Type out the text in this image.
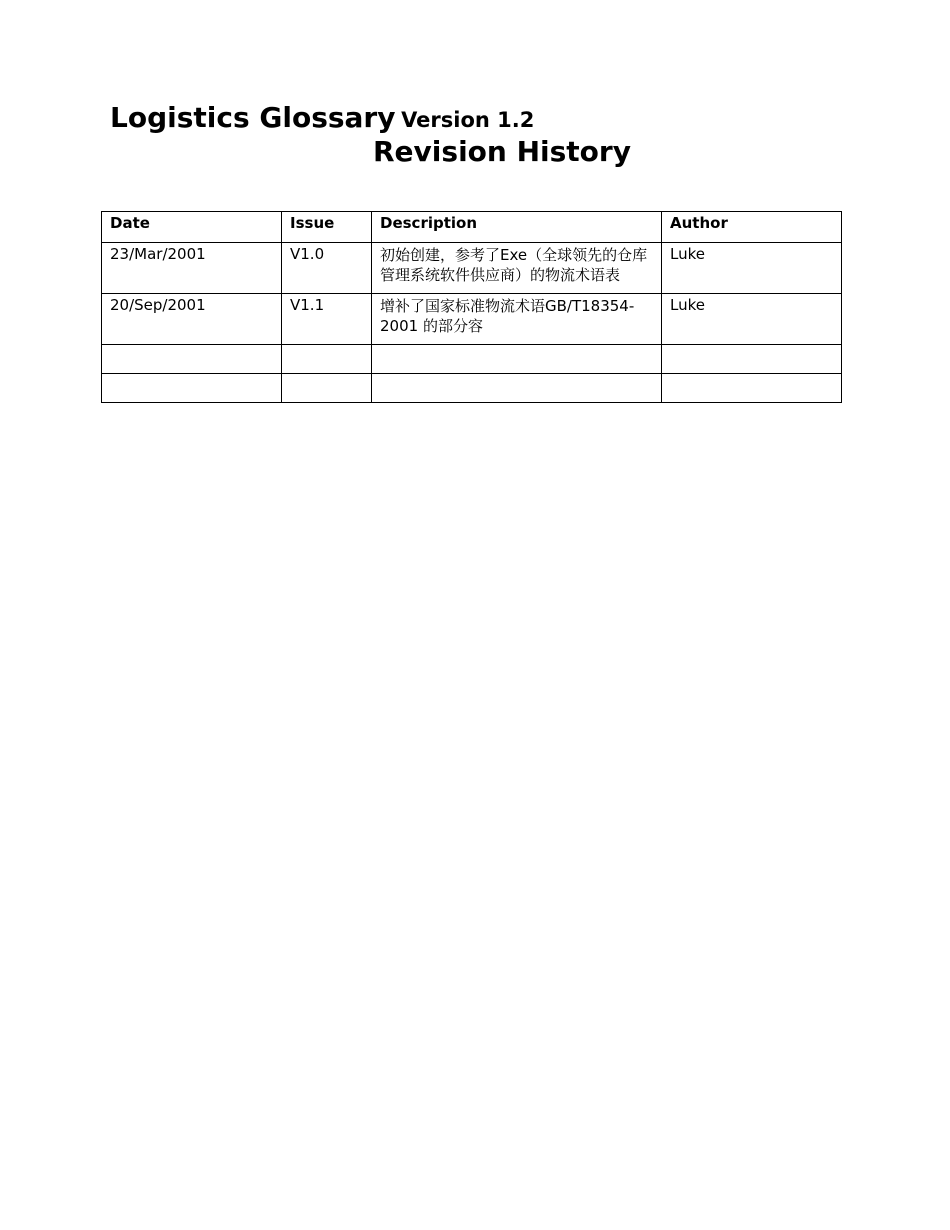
Logistics Glossary Version 1.2
Revision History
Date	Issue	Description	Author
23/Mar/2001	V1.0	初始创建，参考了Exe（全球领先的仓库管理系统软件供应商）的物流术语表	Luke
20/Sep/2001	V1.1	增补了国家标准物流术语GB/T18354-2001 的部分容	Luke
